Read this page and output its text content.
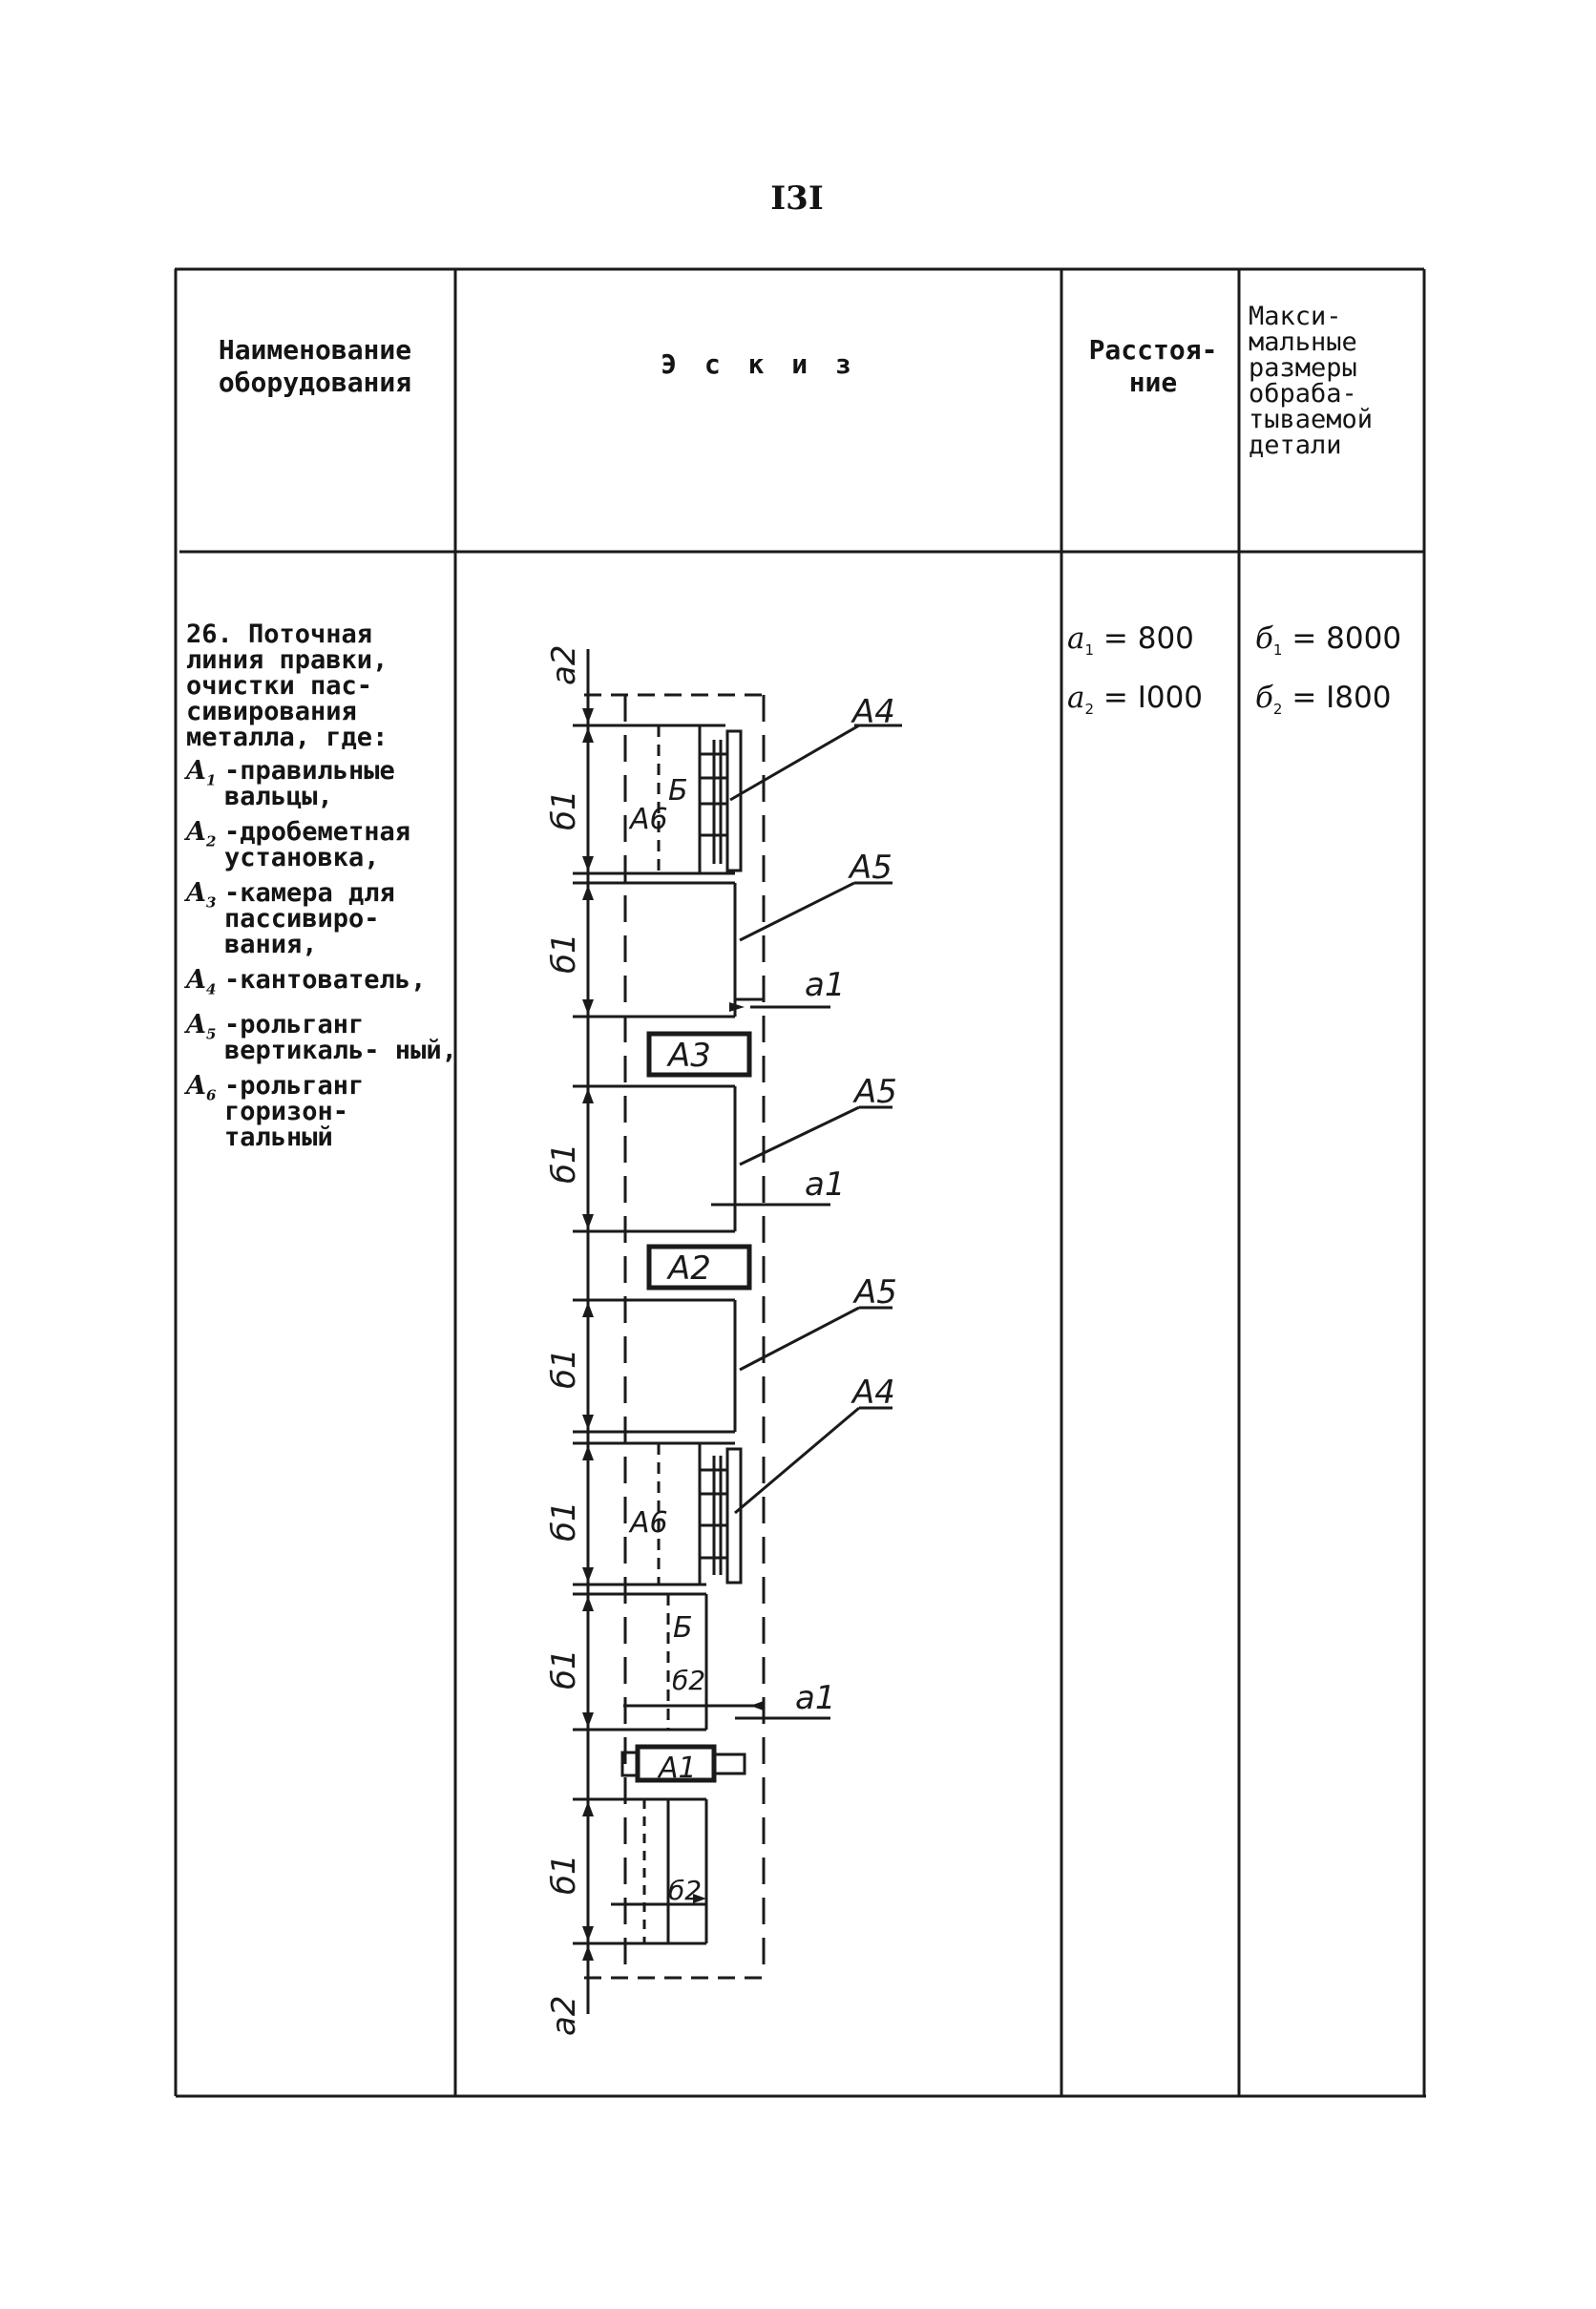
I3I
Наименование оборудования
Э с к и з	Расстоя- ние
Макси- мальные размеры обраба- тываемой детали
26. Поточная линия правки, очистки пас- сивирования металла, где:
$A_1$ -правильные вальцы,
$A_2$ -дробеметная установка,
$A_3$ -камера для пассивиро- вания,
$A_4$ -кантователь,
$A_5$ -рольганг вертикаль- ный,
$A_6$ -рольганг горизон- тальный
$a_1 = 800$
$a_2 = I000$
$б_1 = 8000$
$б_2 = I800$
A4
A5
A5
A5
A4
a1
a1
a1
A3
A2
A1
A6
A6
Б
Б
б2
б2
a2
a2
б1
б1
б1
б1
б1
б1
б1
